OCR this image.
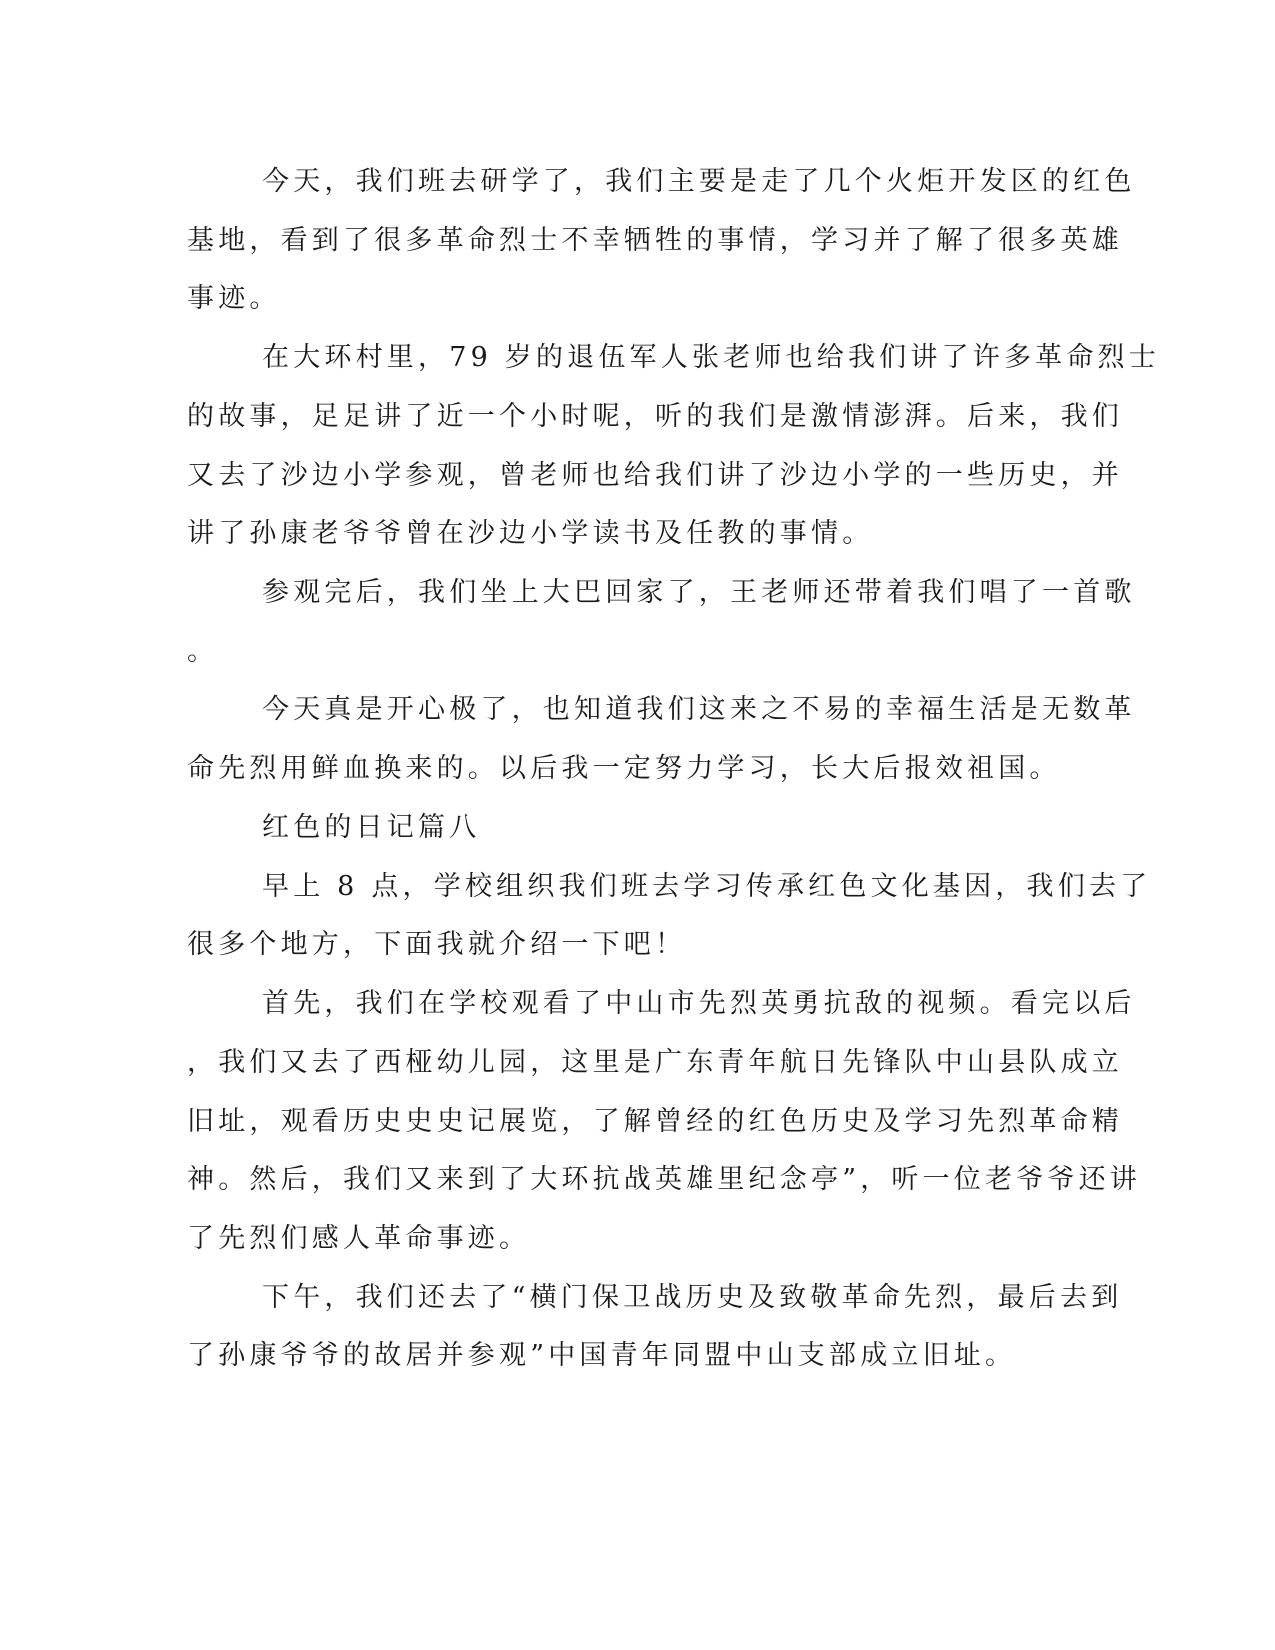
今天，我们班去研学了，我们主要是走了几个火炬开发区的红色
基地，看到了很多革命烈士不幸牺牲的事情，学习并了解了很多英雄
事迹。
在大环村里，79 岁的退伍军人张老师也给我们讲了许多革命烈士
的故事，足足讲了近一个小时呢，听的我们是激情澎湃。后来，我们
又去了沙边小学参观，曾老师也给我们讲了沙边小学的一些历史，并
讲了孙康老爷爷曾在沙边小学读书及任教的事情。
参观完后，我们坐上大巴回家了，王老师还带着我们唱了一首歌
。
今天真是开心极了，也知道我们这来之不易的幸福生活是无数革
命先烈用鲜血换来的。以后我一定努力学习，长大后报效祖国。
红色的日记篇八
早上 8 点，学校组织我们班去学习传承红色文化基因，我们去了
很多个地方，下面我就介绍一下吧！
首先，我们在学校观看了中山市先烈英勇抗敌的视频。看完以后
，我们又去了西桠幼儿园，这里是广东青年航日先锋队中山县队成立
旧址，观看历史史史记展览，了解曾经的红色历史及学习先烈革命精
神。然后，我们又来到了大环抗战英雄里纪念亭”，听一位老爷爷还讲
了先烈们感人革命事迹。
下午，我们还去了“横门保卫战历史及致敬革命先烈，最后去到
了孙康爷爷的故居并参观”中国青年同盟中山支部成立旧址。
